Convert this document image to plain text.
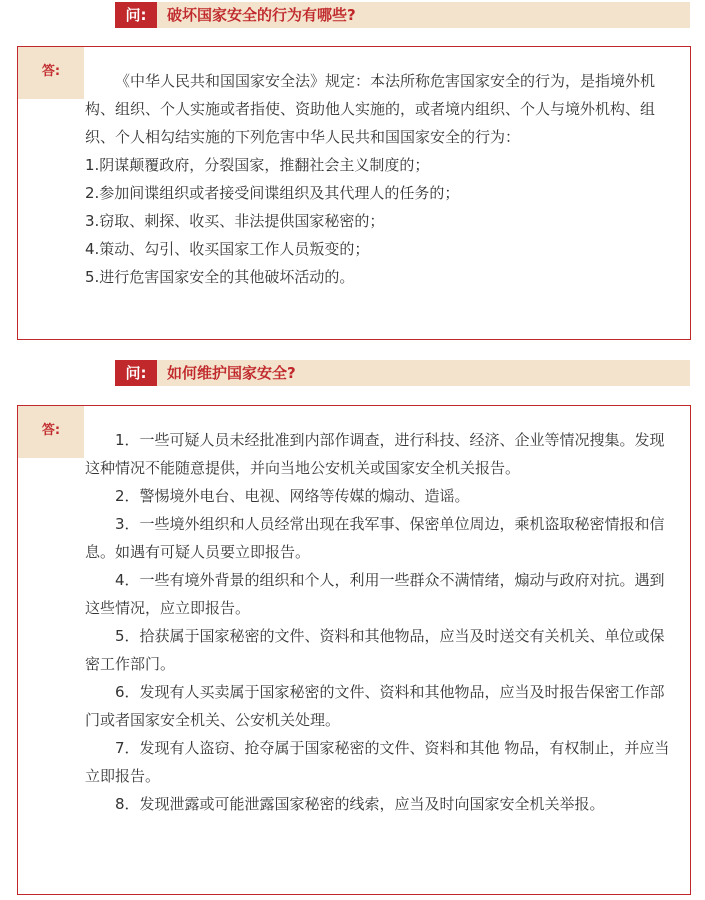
问:	破坏国家安全的行为有哪些?
答:

《中华人民共和国国家安全法》规定：本法所称危害国家安全的行为，是指境外机构、组织、个人实施或者指使、资助他人实施的，或者境内组织、个人与境外机构、组织、个人相勾结实施的下列危害中华人民共和国国家安全的行为：

1.阴谋颠覆政府，分裂国家，推翻社会主义制度的；

2.参加间谍组织或者接受间谍组织及其代理人的任务的；

3.窃取、刺探、收买、非法提供国家秘密的；

4.策动、勾引、收买国家工作人员叛变的；

5.进行危害国家安全的其他破坏活动的。

问:	如何维护国家安全?
答:

1．一些可疑人员未经批准到内部作调查，进行科技、经济、企业等情况搜集。发现这种情况不能随意提供，并向当地公安机关或国家安全机关报告。

2．警惕境外电台、电视、网络等传媒的煽动、造谣。

3．一些境外组织和人员经常出现在我军事、保密单位周边，乘机盗取秘密情报和信息。如遇有可疑人员要立即报告。

4．一些有境外背景的组织和个人，利用一些群众不满情绪，煽动与政府对抗。遇到这些情况，应立即报告。

5．拾获属于国家秘密的文件、资料和其他物品，应当及时送交有关机关、单位或保密工作部门。

6．发现有人买卖属于国家秘密的文件、资料和其他物品，应当及时报告保密工作部门或者国家安全机关、公安机关处理。

7．发现有人盗窃、抢夺属于国家秘密的文件、资料和其他 物品，有权制止，并应当立即报告。

8．发现泄露或可能泄露国家秘密的线索，应当及时向国家安全机关举报。
